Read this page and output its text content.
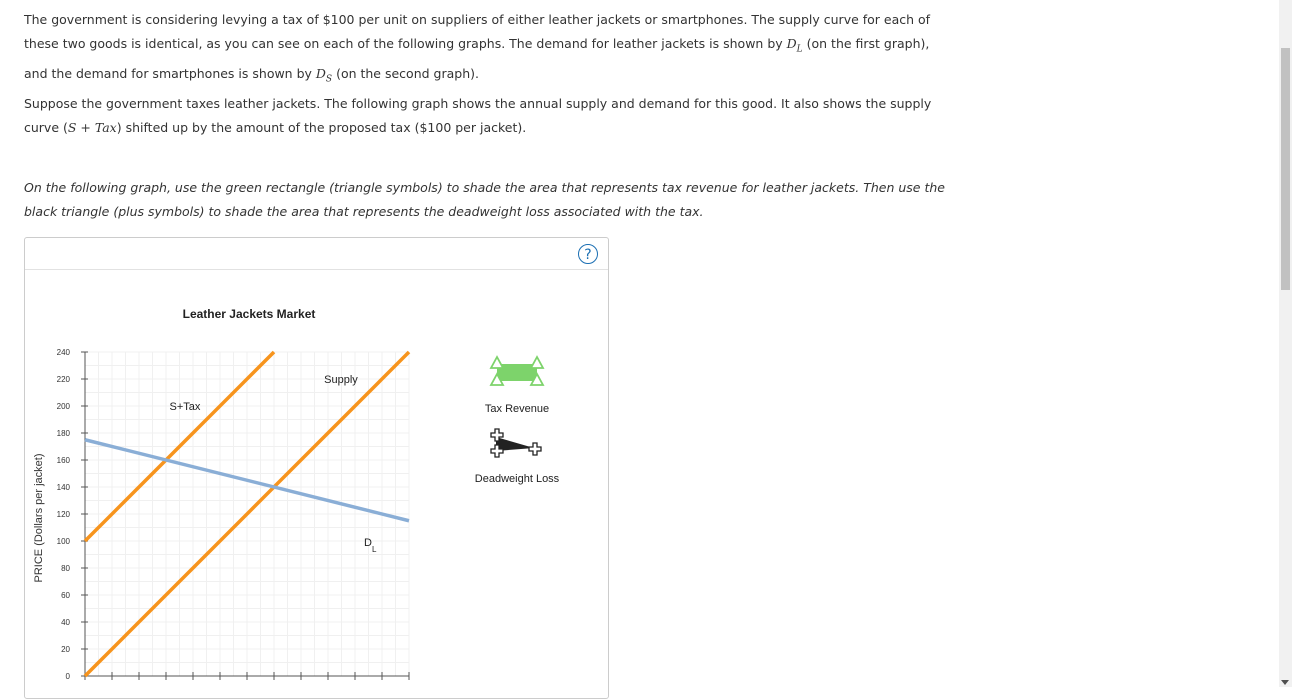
The government is considering levying a tax of $100 per unit on suppliers of either leather jackets or smartphones. The supply curve for each of these two goods is identical, as you can see on each of the following graphs. The demand for leather jackets is shown by $D_L$ (on the first graph), and the demand for smartphones is shown by $D_S$ (on the second graph).

Suppose the government taxes leather jackets. The following graph shows the annual supply and demand for this good. It also shows the supply curve (S + Tax) shifted up by the amount of the proposed tax ($100 per jacket).

On the following graph, use the green rectangle (triangle symbols) to shade the area that represents tax revenue for leather jackets. Then use the black triangle (plus symbols) to shade the area that represents the deadweight loss associated with the tax.

?
0
20
40
60
80
100
120
140
160
180
200
220
240
Leather Jackets Market
PRICE (Dollars per jacket)
Supply
S+Tax
D
L
Tax Revenue
Deadweight Loss
